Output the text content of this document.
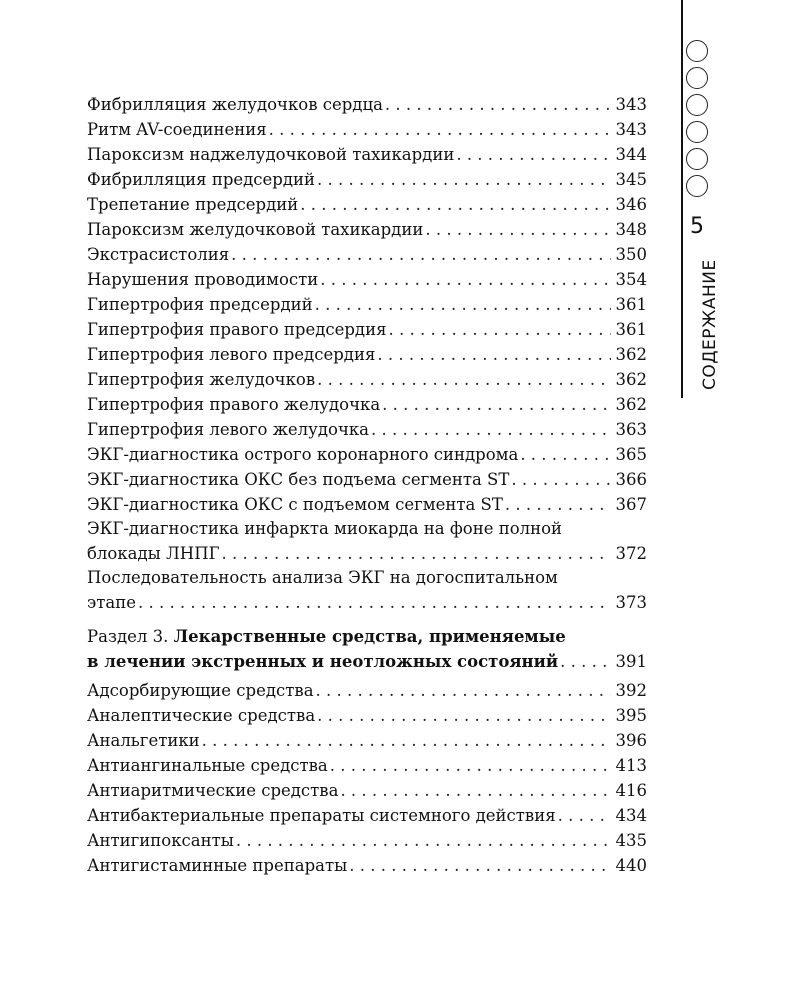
5
СОДЕРЖАНИЕ
Фибрилляция желудочков сердца . . .	343
Ритм AV-соединения . . .	343
Пароксизм наджелудочковой тахикардии . . .	344
Фибрилляция предсердий . . .	345
Трепетание предсердий . . .	346
Пароксизм желудочковой тахикардии . . .	348
Экстрасистолия . . .	350
Нарушения проводимости . . .	354
Гипертрофия предсердий . . .	361
Гипертрофия правого предсердия . . .	361
Гипертрофия левого предсердия . . .	362
Гипертрофия желудочков . . .	362
Гипертрофия правого желудочка . . .	362
Гипертрофия левого желудочка . . .	363
ЭКГ-диагностика острого коронарного синдрома . . .	365
ЭКГ-диагностика ОКС без подъема сегмента ST . . .	366
ЭКГ-диагностика ОКС с подъемом сегмента ST . . .	367
ЭКГ-диагностика инфаркта миокарда на фоне полной
блокады ЛНПГ . . .	372
Последовательность анализа ЭКГ на догоспитальном
этапе . . .	373
Раздел 3. Лекарственные средства, применяемые
в лечении экстренных и неотложных состояний . . .	391
Адсорбирующие средства . . .	392
Аналептические средства . . .	395
Анальгетики . . .	396
Антиангинальные средства . . .	413
Антиаритмические средства . . .	416
Антибактериальные препараты системного действия . . .	434
Антигипоксанты . . .	435
Антигистаминные препараты . . .	440
